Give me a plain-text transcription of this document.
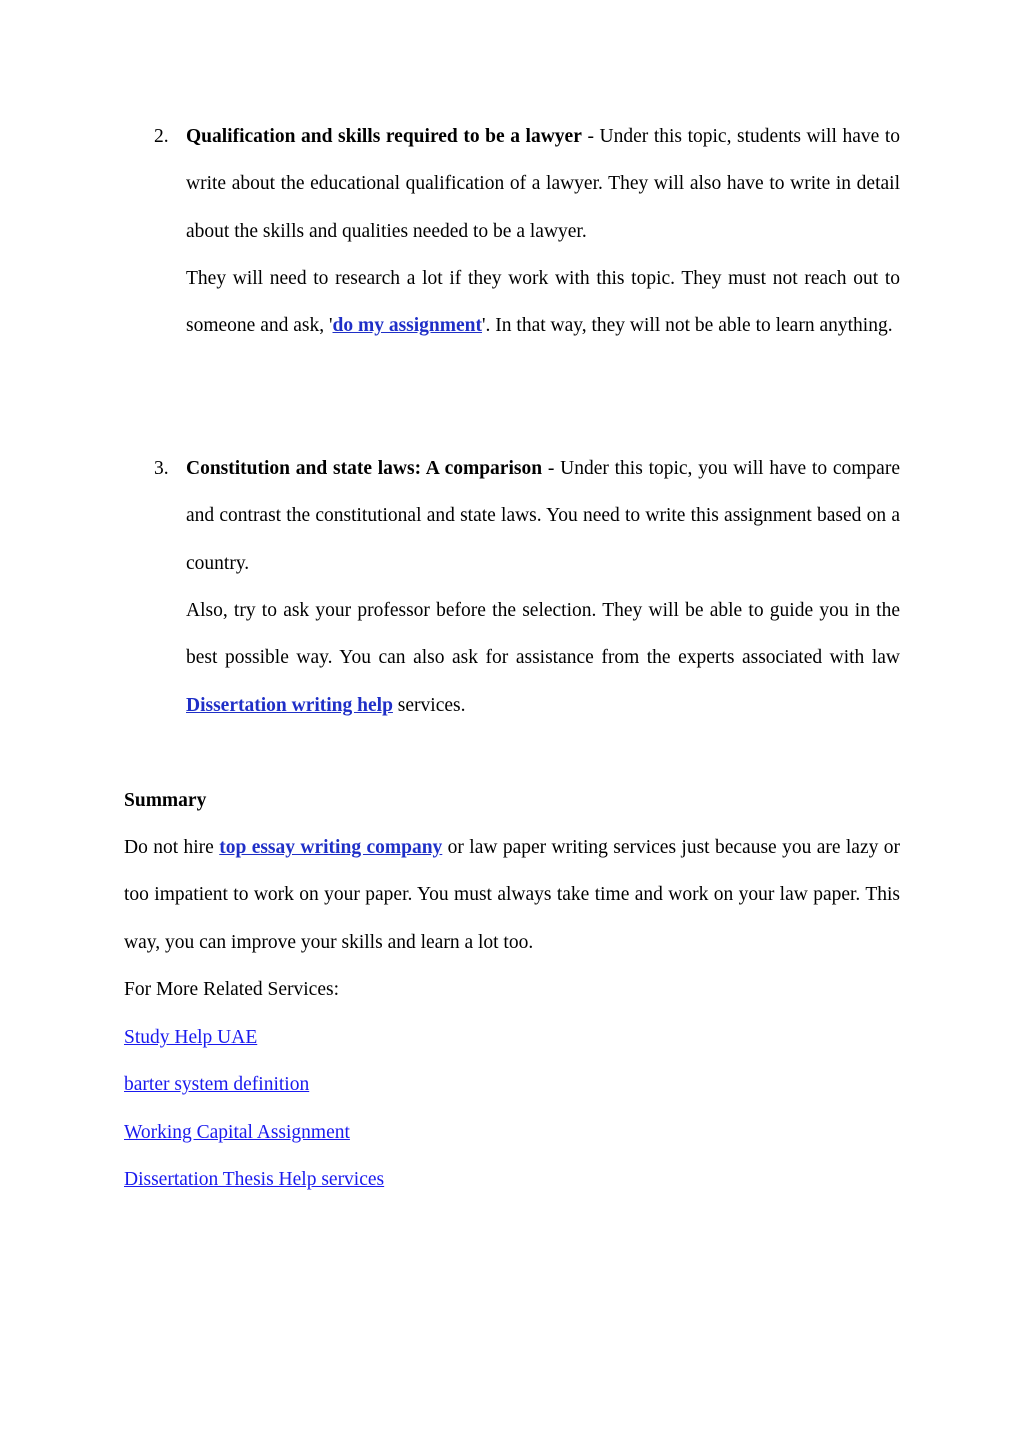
2. Qualification and skills required to be a lawyer - Under this topic, students will have to write about the educational qualification of a lawyer. They will also have to write in detail about the skills and qualities needed to be a lawyer.
They will need to research a lot if they work with this topic. They must not reach out to someone and ask, 'do my assignment'. In that way, they will not be able to learn anything.
3. Constitution and state laws: A comparison - Under this topic, you will have to compare and contrast the constitutional and state laws. You need to write this assignment based on a country.
Also, try to ask your professor before the selection. They will be able to guide you in the best possible way. You can also ask for assistance from the experts associated with law Dissertation writing help services.
Summary
Do not hire top essay writing company or law paper writing services just because you are lazy or too impatient to work on your paper. You must always take time and work on your law paper. This way, you can improve your skills and learn a lot too.
For More Related Services:
Study Help UAE
barter system definition
Working Capital Assignment
Dissertation Thesis Help services
